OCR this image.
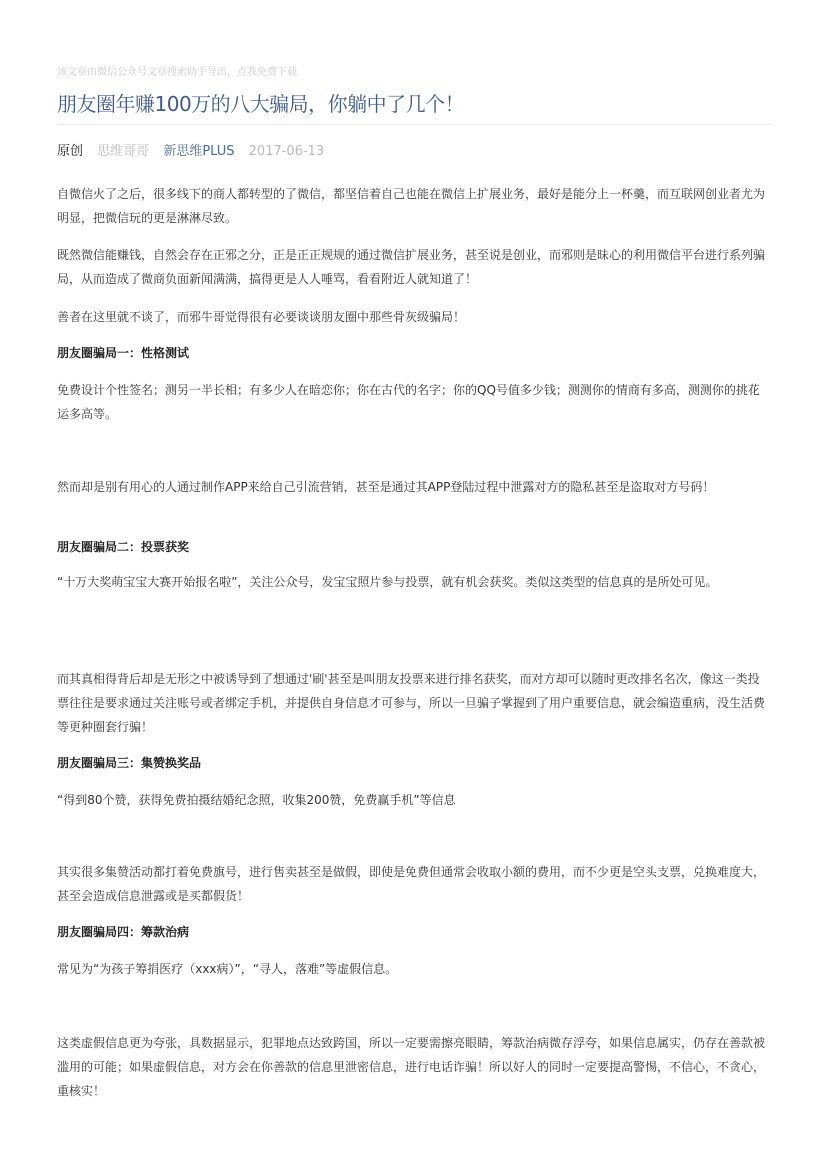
该文章由微信公众号文章搜索助手导出，点我免费下载
朋友圈年赚100万的八大骗局，你躺中了几个！
原创 思维哥哥 新思维PLUS 2017-06-13

自微信火了之后，很多线下的商人都转型的了微信，都坚信着自己也能在微信上扩展业务，最好是能分上一杯羹，而互联网创业者尤为明显，把微信玩的更是淋淋尽致。

既然微信能赚钱，自然会存在正邪之分，正是正正规规的通过微信扩展业务，甚至说是创业，而邪则是昧心的利用微信平台进行系列骗局，从而造成了微商负面新闻满满，搞得更是人人唾骂，看看附近人就知道了！

善者在这里就不谈了，而邪牛哥觉得很有必要谈谈朋友圈中那些骨灰级骗局！

朋友圈骗局一：性格测试

免费设计个性签名；测另一半长相；有多少人在暗恋你；你在古代的名字；你的QQ号值多少钱；测测你的情商有多高，测测你的挑花运多高等。

然而却是别有用心的人通过制作APP来给自己引流营销，甚至是通过其APP登陆过程中泄露对方的隐私甚至是盗取对方号码！

朋友圈骗局二：投票获奖

“十万大奖萌宝宝大赛开始报名啦”，关注公众号，发宝宝照片参与投票，就有机会获奖。类似这类型的信息真的是所处可见。

而其真相得背后却是无形之中被诱导到了想通过'刷'甚至是叫朋友投票来进行排名获奖，而对方却可以随时更改排名名次，像这一类投票往往是要求通过关注账号或者绑定手机，并提供自身信息才可参与，所以一旦骗子掌握到了用户重要信息，就会编造重病，没生活费等更种圈套行骗！

朋友圈骗局三：集赞换奖品

“得到80个赞，获得免费拍摄结婚纪念照，收集200赞，免费赢手机”等信息

其实很多集赞活动都打着免费旗号，进行售卖甚至是做假，即使是免费但通常会收取小额的费用，而不少更是空头支票，兑换难度大，甚至会造成信息泄露或是买都假货！

朋友圈骗局四：筹款治病

常见为“为孩子筹捐医疗（xxx病）”，“寻人，落难”等虚假信息。

这类虚假信息更为夸张，具数据显示，犯罪地点达致跨国，所以一定要需擦亮眼睛，筹款治病微存浮夸，如果信息属实，仍存在善款被滥用的可能；如果虚假信息，对方会在你善款的信息里泄密信息，进行电话诈骗！所以好人的同时一定要提高警惕，不信心，不贪心，重核实！
